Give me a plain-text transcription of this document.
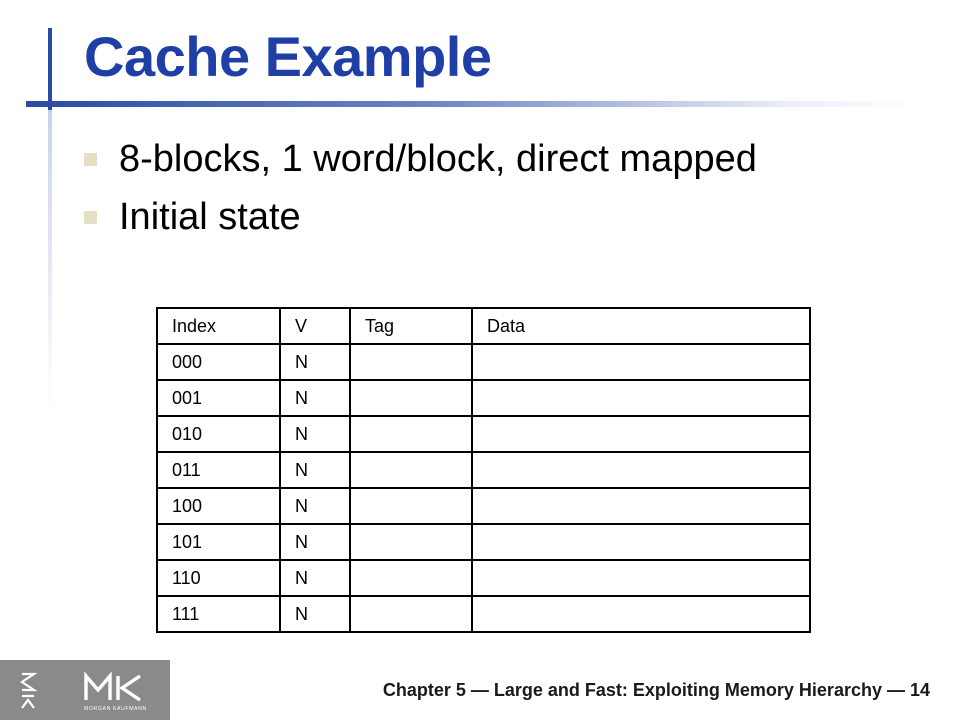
Cache Example
8-blocks, 1 word/block, direct mapped
Initial state
Index	V	Tag	Data
000	N		
001	N		
010	N		
011	N		
100	N		
101	N		
110	N		
111	N		
MORGAN KAUFMANN
Chapter 5 — Large and Fast: Exploiting Memory Hierarchy — 14
